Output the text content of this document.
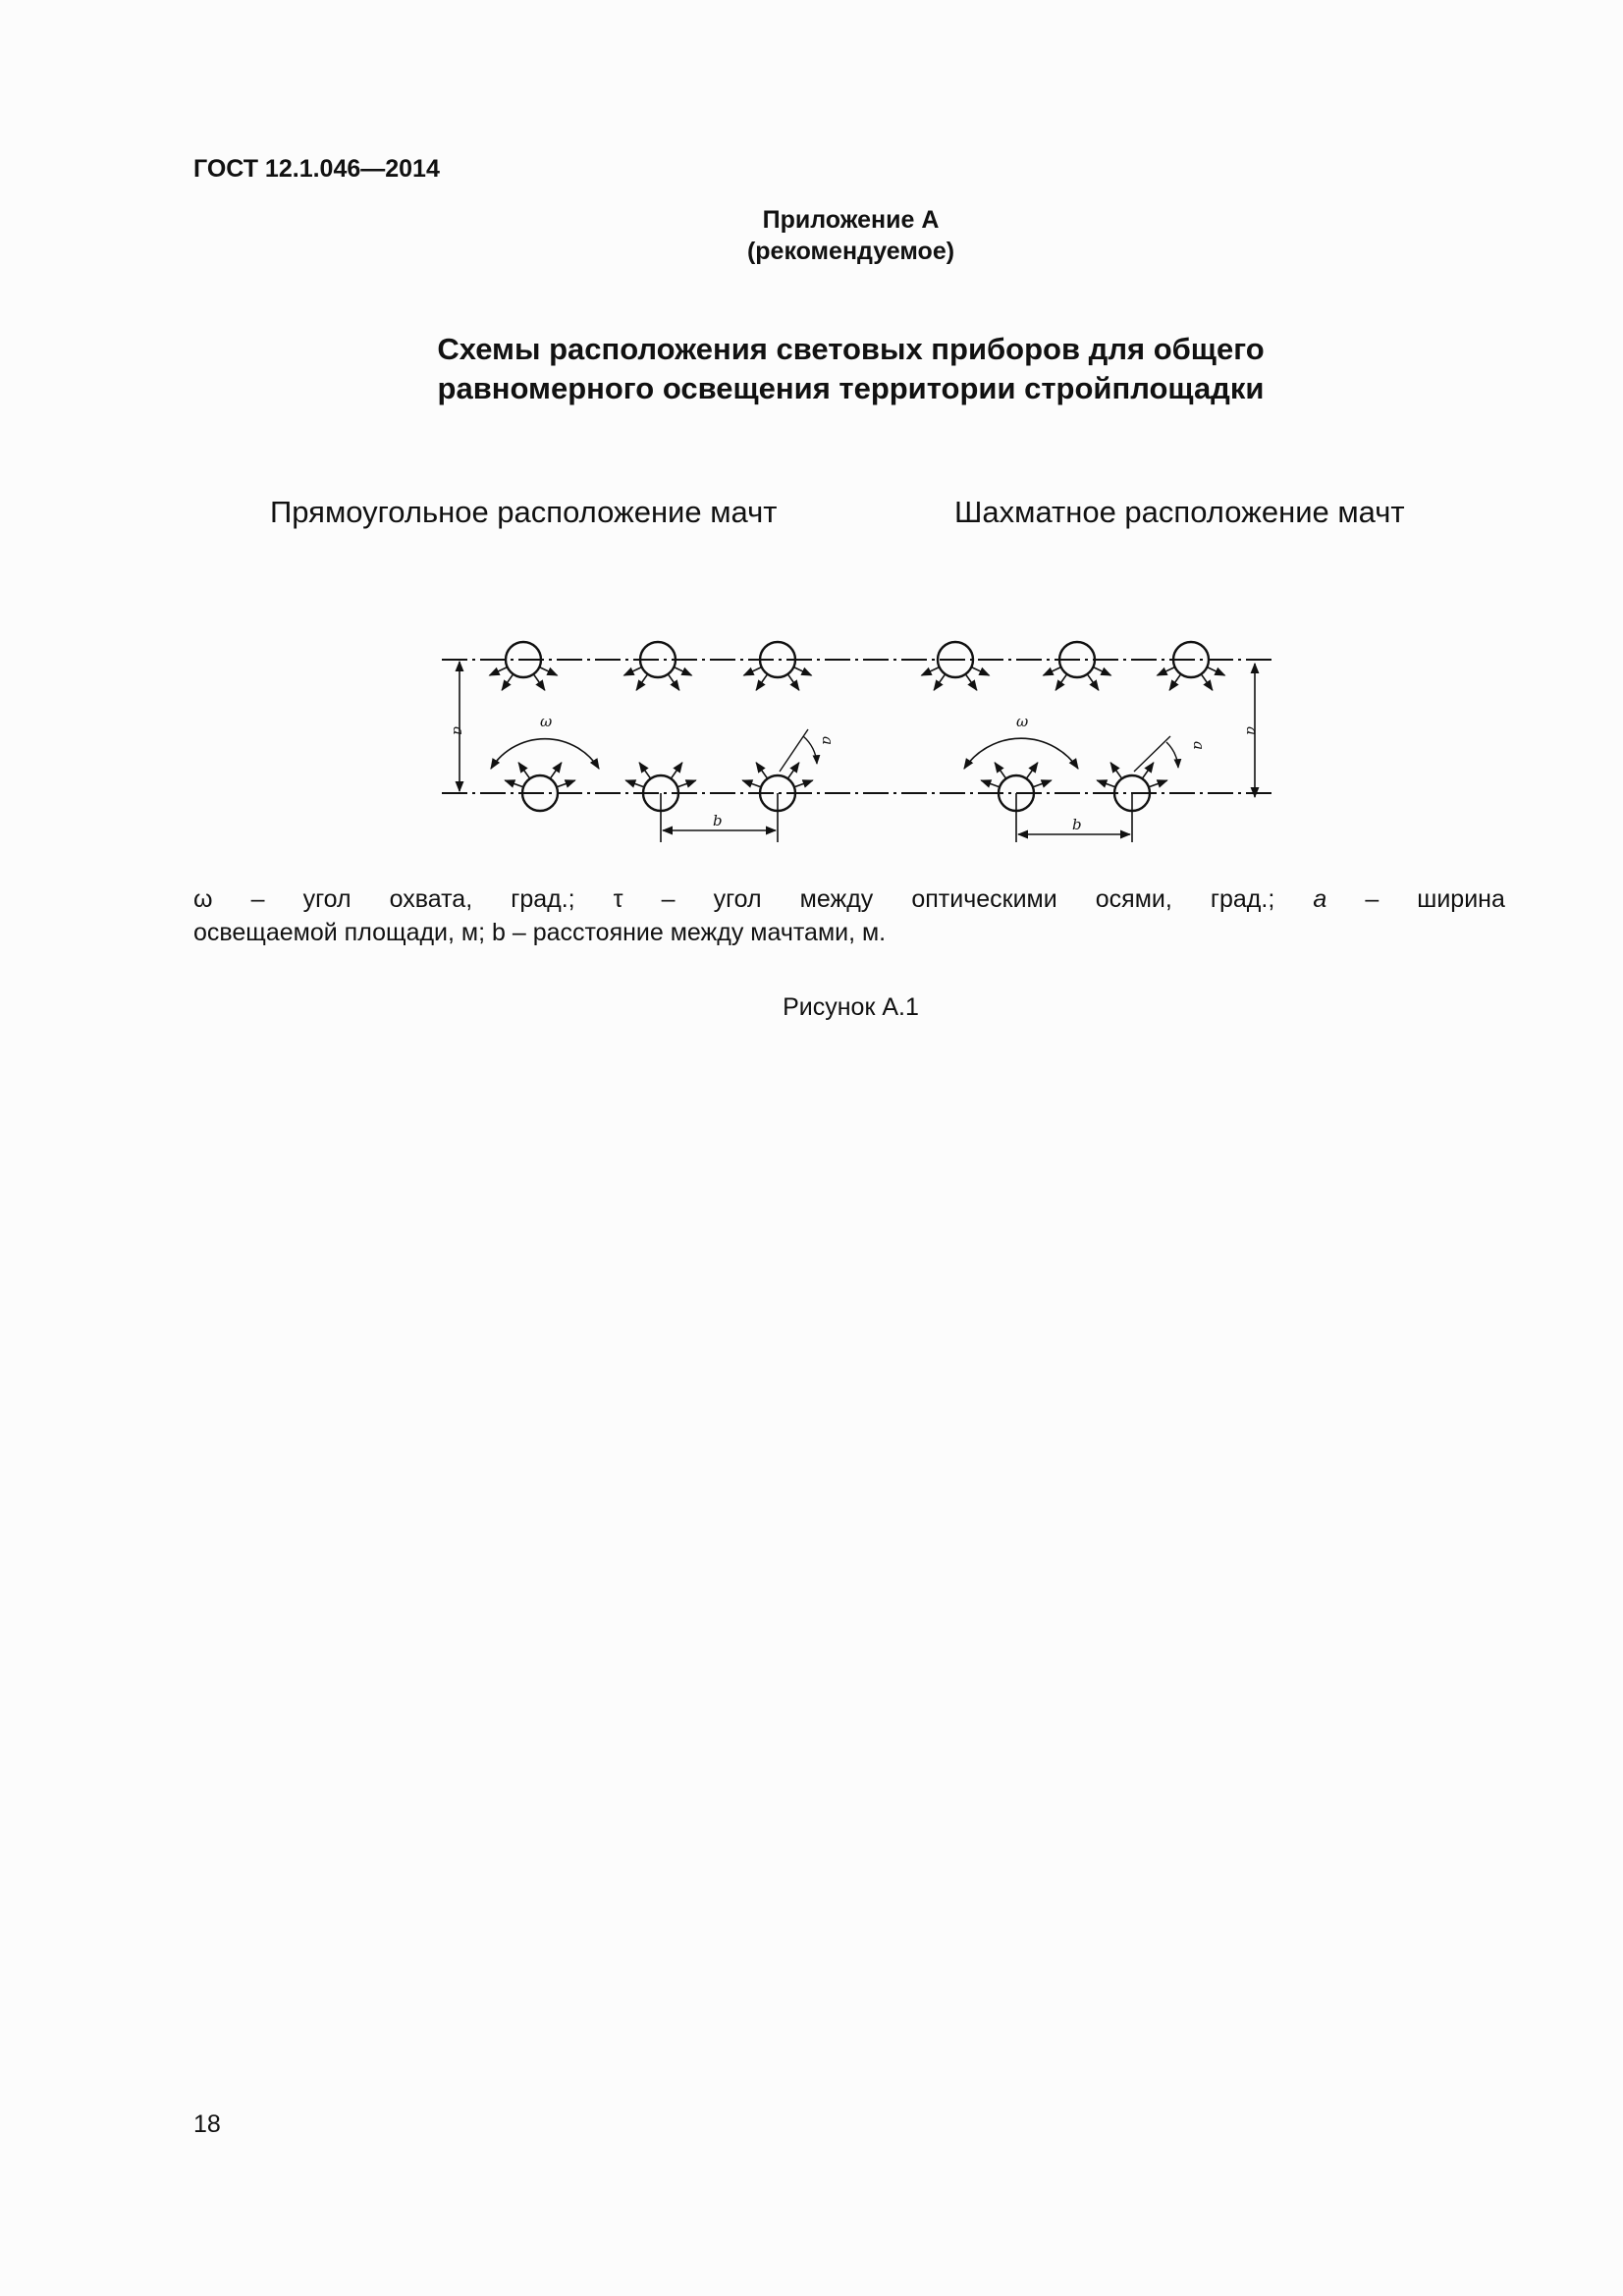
ГОСТ 12.1.046—2014
Приложение А
(рекомендуемое)
Схемы расположения световых приборов для общего
равномерного освещения территории стройплощадки
Прямоугольное расположение мачт	Шахматное расположение мачт
a	a
b	b
ω	ω
a
a
ω – угол охвата, град.; τ – угол между оптическими осями, град.; a – ширина
освещаемой площади, м; b – расстояние между мачтами, м.
Рисунок А.1
18
